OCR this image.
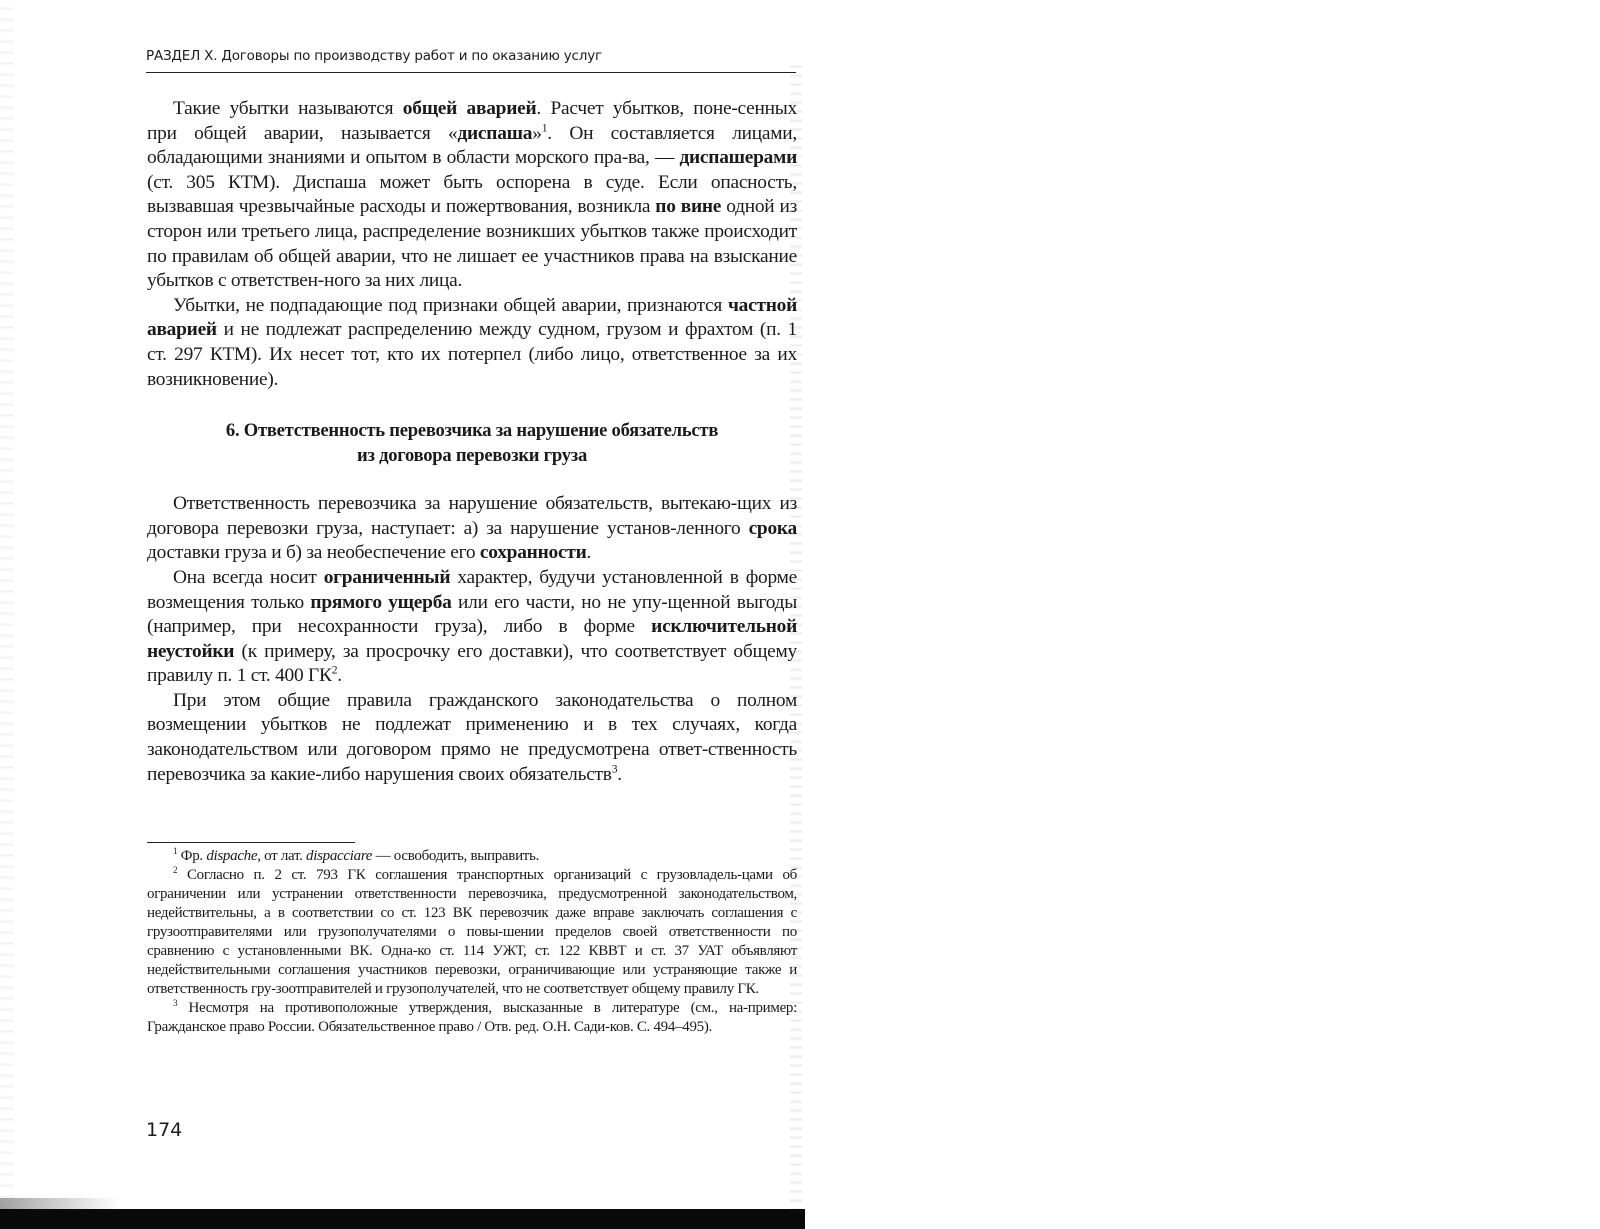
РАЗДЕЛ X. Договоры по производству работ и по оказанию услуг

Такие убытки называются общей аварией. Расчет убытков, поне-сенных при общей аварии, называется «диспаша»$^1$. Он составляется лицами, обладающими знаниями и опытом в области морского пра-ва, — диспашерами (ст. 305 КТМ). Диспаша может быть оспорена в суде. Если опасность, вызвавшая чрезвычайные расходы и пожертвования, возникла по вине одной из сторон или третьего лица, распределение возникших убытков также происходит по правилам об общей аварии, что не лишает ее участников права на взыскание убытков с ответствен-ного за них лица.

Убытки, не подпадающие под признаки общей аварии, признаются частной аварией и не подлежат распределению между судном, грузом и фрахтом (п. 1 ст. 297 КТМ). Их несет тот, кто их потерпел (либо лицо, ответственное за их возникновение).

6. Ответственность перевозчика за нарушение обязательств
из договора перевозки груза

Ответственность перевозчика за нарушение обязательств, вытекаю-щих из договора перевозки груза, наступает: а) за нарушение установ-ленного срока доставки груза и б) за необеспечение его сохранности.

Она всегда носит ограниченный характер, будучи установленной в форме возмещения только прямого ущерба или его части, но не упу-щенной выгоды (например, при несохранности груза), либо в форме исключительной неустойки (к примеру, за просрочку его доставки), что соответствует общему правилу п. 1 ст. 400 $ГК^2$.

При этом общие правила гражданского законодательства о полном возмещении убытков не подлежат применению и в тех случаях, когда законодательством или договором прямо не предусмотрена ответ-ственность перевозчика за какие-либо нарушения своих обязательств$^3$.

$^1$ Фр. dispache, от лат. dispacciare — освободить, выправить.

$^2$ Согласно п. 2 ст. 793 ГК соглашения транспортных организаций с грузовладель-цами об ограничении или устранении ответственности перевозчика, предусмотренной законодательством, недействительны, а в соответствии со ст. 123 ВК перевозчик даже вправе заключать соглашения с грузоотправителями или грузополучателями о повы-шении пределов своей ответственности по сравнению с установленными ВК. Одна-ко ст. 114 УЖТ, ст. 122 КВВТ и ст. 37 УАТ объявляют недействительными соглашения участников перевозки, ограничивающие или устраняющие также и ответственность гру-зоотправителей и грузополучателей, что не соответствует общему правилу ГК.

$^3$ Несмотря на противоположные утверждения, высказанные в литературе (см., на-пример: Гражданское право России. Обязательственное право / Отв. ред. О.Н. Сади-ков. С. 494–495).

174
